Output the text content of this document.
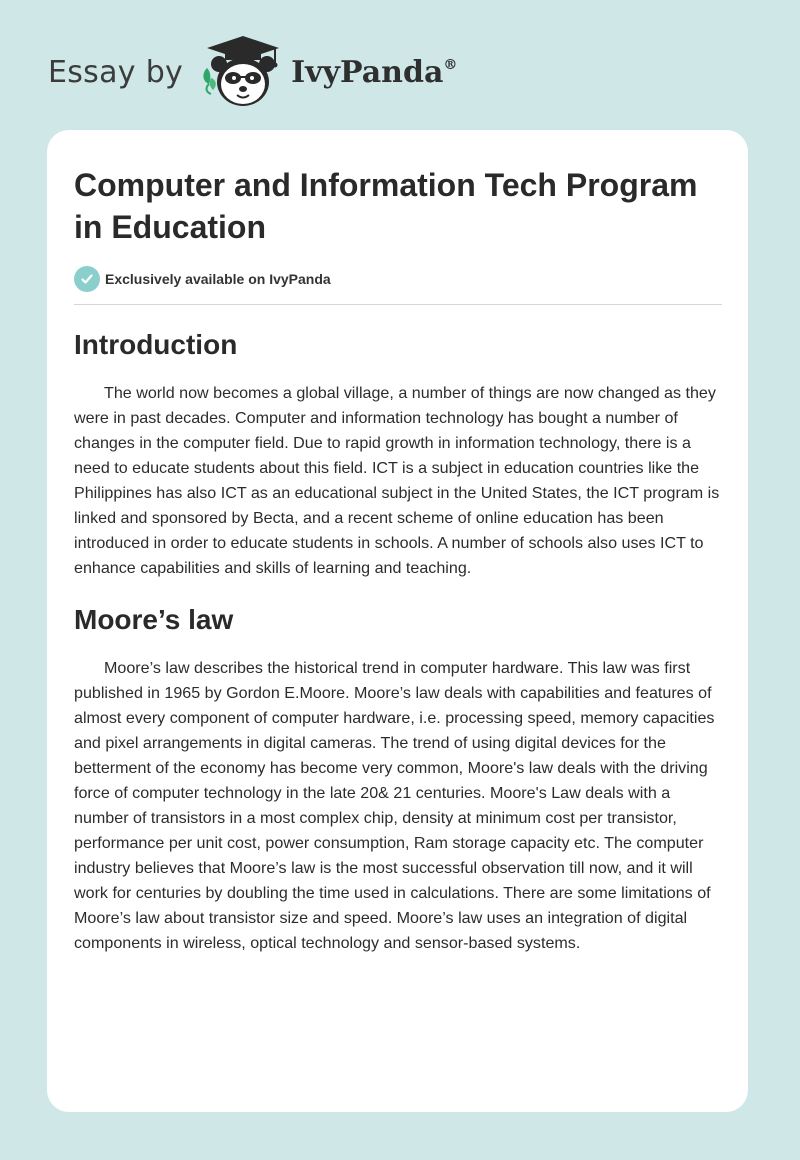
Essay by	IvyPanda®
Computer and Information Tech Program in Education
Exclusively available on IvyPanda
Introduction

The world now becomes a global village, a number of things are now changed as they were in past decades. Computer and information technology has bought a number of changes in the computer field. Due to rapid growth in information technology, there is a need to educate students about this field. ICT is a subject in education countries like the Philippines has also ICT as an educational subject in the United States, the ICT program is linked and sponsored by Becta, and a recent scheme of online education has been introduced in order to educate students in schools. A number of schools also uses ICT to enhance capabilities and skills of learning and teaching.

Moore’s law

Moore’s law describes the historical trend in computer hardware. This law was first published in 1965 by Gordon E.Moore. Moore’s law deals with capabilities and features of almost every component of computer hardware, i.e. processing speed, memory capacities and pixel arrangements in digital cameras. The trend of using digital devices for the betterment of the economy has become very common, Moore's law deals with the driving force of computer technology in the late 20& 21 centuries. Moore's Law deals with a number of transistors in a most complex chip, density at minimum cost per transistor, performance per unit cost, power consumption, Ram storage capacity etc. The computer industry believes that Moore’s law is the most successful observation till now, and it will work for centuries by doubling the time used in calculations. There are some limitations of Moore’s law about transistor size and speed. Moore’s law uses an integration of digital components in wireless, optical technology and sensor-based systems.
